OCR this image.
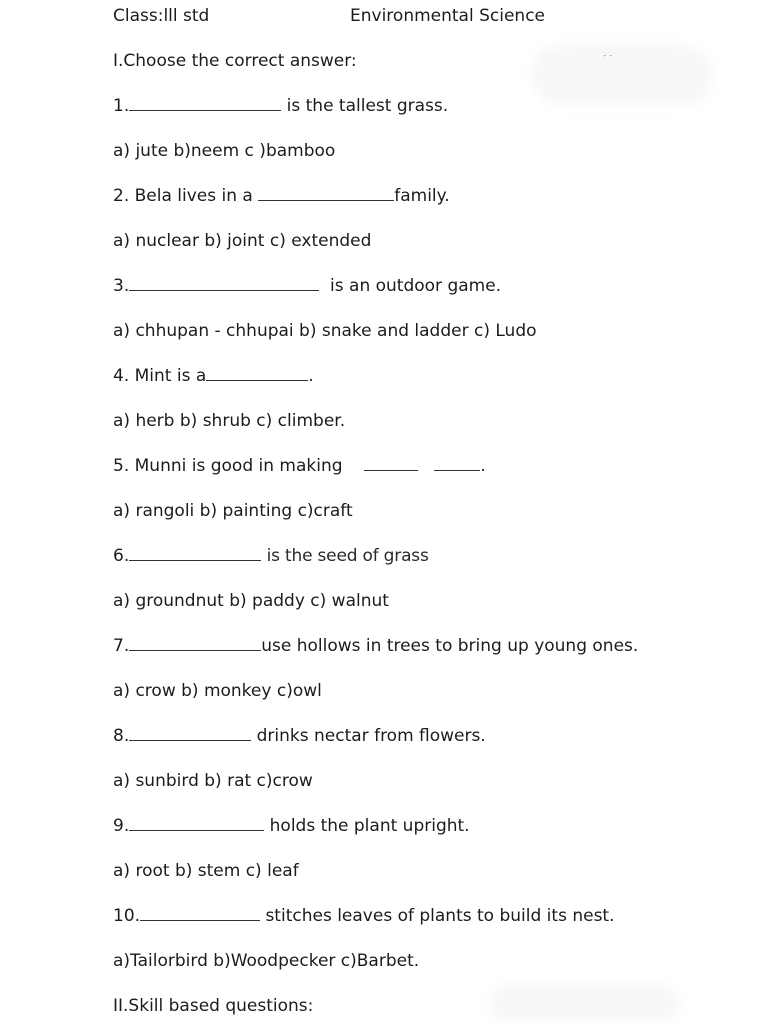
- -
Class:lll std	Environmental Science
I.Choose the correct answer:
1.	is the tallest grass.
a) jute b)neem c )bamboo
2. Bela lives in a	family.
a) nuclear b) joint c) extended
3.	is an outdoor game.
a) chhupan - chhupai b) snake and ladder c) Ludo
4. Mint is a	.
a) herb b) shrub c) climber.
5. Munni is good in making	.
a) rangoli b) painting c)craft
6.	is the seed of grass
a) groundnut b) paddy c) walnut
7.	use hollows in trees to bring up young ones.
a) crow b) monkey c)owl
8.	drinks nectar from flowers.
a) sunbird b) rat c)crow
9.	holds the plant upright.
a) root b) stem c) leaf
10.	stitches leaves of plants to build its nest.
a)Tailorbird b)Woodpecker c)Barbet.
II.Skill based questions:
